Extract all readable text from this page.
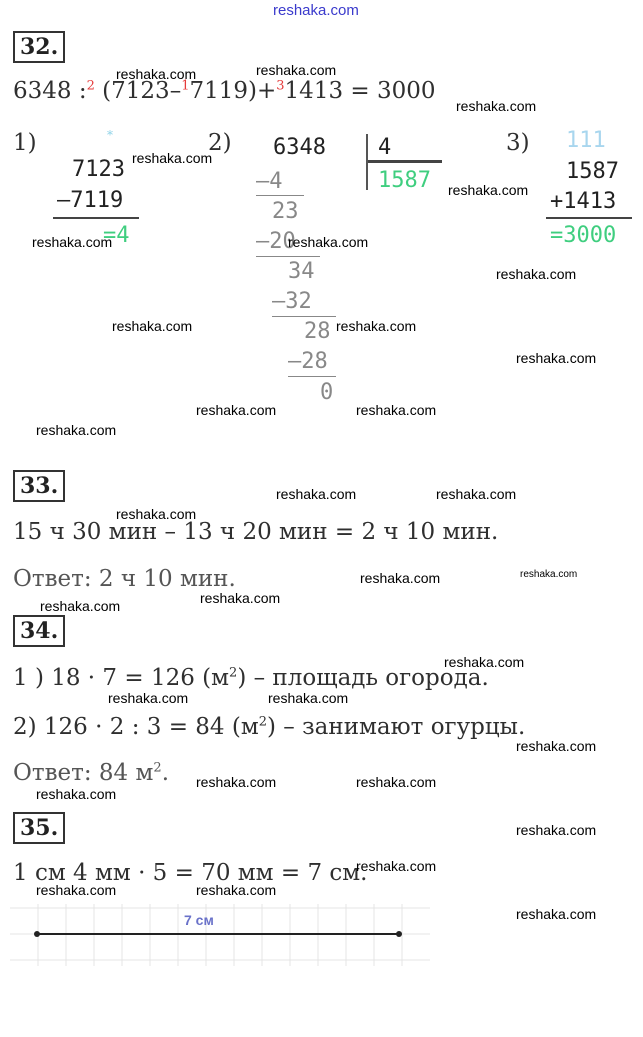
reshaka.com
32.
6348 :$^2$ (7123–$^1$7119)+$^3$1413 = 3000
1)	*
7123
–7119
=4
2) 6348 4
1587
–4
23
–20
34
–32
28
–28
0
3) 111
1587
+1413
=3000
33.
15 ч 30 мин – 13 ч 20 мин = 2 ч 10 мин.
Ответ: 2 ч 10 мин.
34.
1 ) 18 · 7 = 126 $(м^2)$ – площадь огорода.
2) 126 · 2 : 3 = 84 $(м^2)$ – занимают огурцы.
Ответ: 84 $м^2$.
35.
1 см 4 мм · 5 = 70 мм = 7 см.
7 см
reshaka.com	reshaka.com
reshaka.com
reshaka.com
reshaka.com
reshaka.com	reshaka.com
reshaka.com
reshaka.com	reshaka.com
reshaka.com
reshaka.com	reshaka.com
reshaka.com
reshaka.com	reshaka.com
reshaka.com
reshaka.com	reshaka.com
reshaka.com
reshaka.com
reshaka.com
reshaka.com	reshaka.com
reshaka.com
reshaka.com	reshaka.com
reshaka.com
reshaka.com
reshaka.com
reshaka.com	reshaka.com
reshaka.com
